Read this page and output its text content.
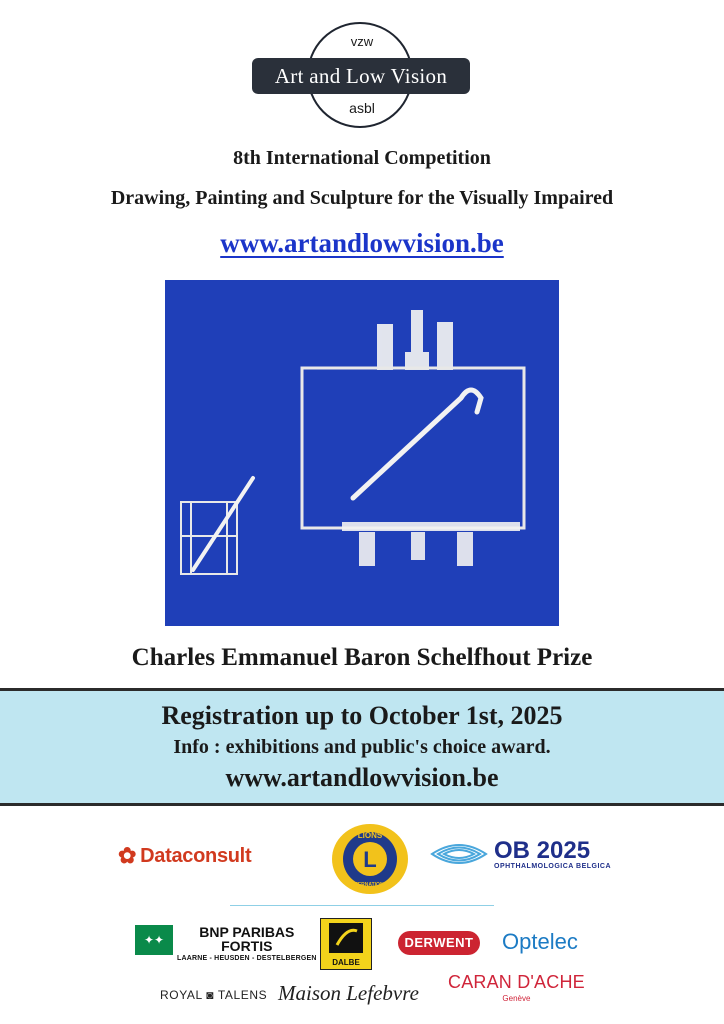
vzw
Art and Low Vision
asbl
8th International Competition
Drawing, Painting and Sculpture for the Visually Impaired
www.artandlowvision.be
Charles Emmanuel Baron Schelfhout Prize
Registration up to October 1st, 2025
Info : exhibitions and public's choice award.
www.artandlowvision.be
✿ Dataconsult
LIONS
L
INTERNATIONAL
OB 2025
OPHTHALMOLOGICA BELGICA
✦✦	BNP PARIBAS
FORTIS
LAARNE - HEUSDEN - DESTELBERGEN	DALBE
DERWENT Optelec
ROYAL ◙ TALENS Maison Lefebvre CARAN D'ACHE
Genève
